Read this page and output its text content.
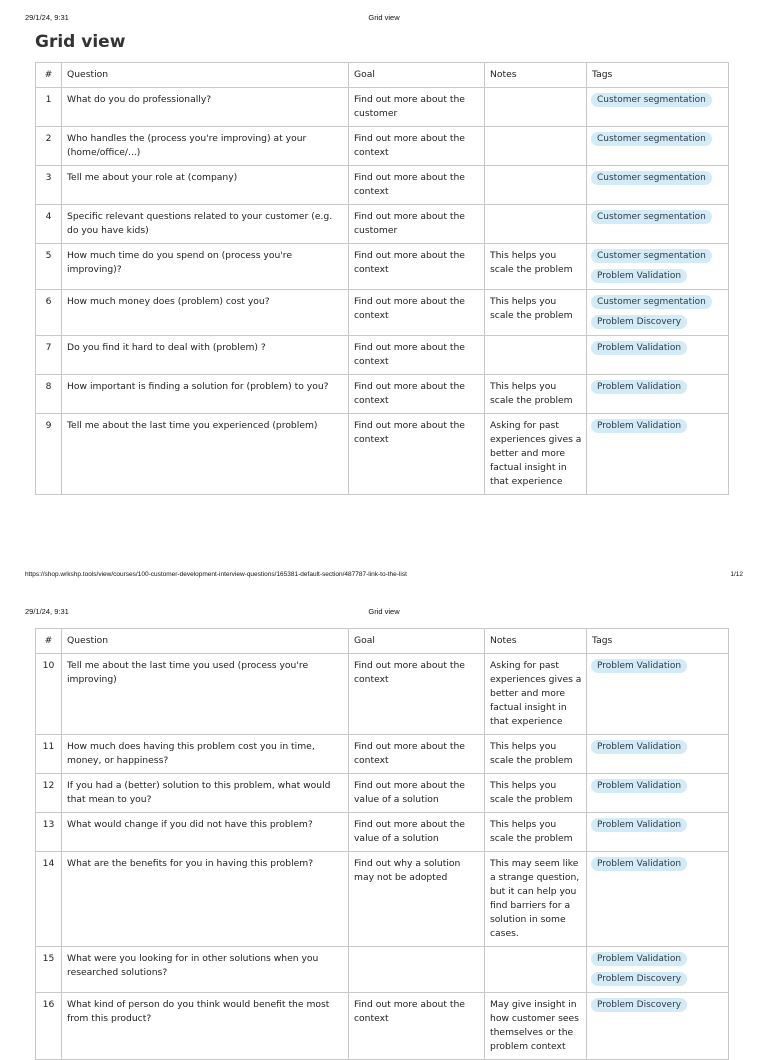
29/1/24, 9:31	Grid view
Grid view
#	Question	Goal	Notes	Tags
1	What do you do professionally?	Find out more about the customer		Customer segmentation

2	Who handles the (process you're improving) at your (home/office/...)	Find out more about the context		Customer segmentation

3	Tell me about your role at (company)	Find out more about the context		Customer segmentation

4	Specific relevant questions related to your customer (e.g. do you have kids)	Find out more about the customer		Customer segmentation

5	How much time do you spend on (process you're improving)?	Find out more about the context	This helps you scale the problem	Customer segmentation
Problem Validation

6	How much money does (problem) cost you?	Find out more about the context	This helps you scale the problem	Customer segmentation
Problem Discovery

7	Do you find it hard to deal with (problem) ?	Find out more about the context		Problem Validation

8	How important is finding a solution for (problem) to you?	Find out more about the context	This helps you scale the problem	Problem Validation

9	Tell me about the last time you experienced (problem)	Find out more about the context	Asking for past experiences gives a better and more factual insight in that experience	Problem Validation

https://shop.wrkshp.tools/view/courses/100-customer-development-interview-questions/165381-default-section/487787-link-to-the-list	1/12
29/1/24, 9:31	Grid view
#	Question	Goal	Notes	Tags
10	Tell me about the last time you used (process you're improving)	Find out more about the context	Asking for past experiences gives a better and more factual insight in that experience	Problem Validation

11	How much does having this problem cost you in time, money, or happiness?	Find out more about the context	This helps you scale the problem	Problem Validation

12	If you had a (better) solution to this problem, what would that mean to you?	Find out more about the value of a solution	This helps you scale the problem	Problem Validation

13	What would change if you did not have this problem?	Find out more about the value of a solution	This helps you scale the problem	Problem Validation

14	What are the benefits for you in having this problem?	Find out why a solution may not be adopted	This may seem like a strange question, but it can help you find barriers for a solution in some cases.	Problem Validation

15	What were you looking for in other solutions when you researched solutions?			Problem Validation
Problem Discovery

16	What kind of person do you think would benefit the most from this product?	Find out more about the context	May give insight in how customer sees themselves or the problem context	Problem Discovery
